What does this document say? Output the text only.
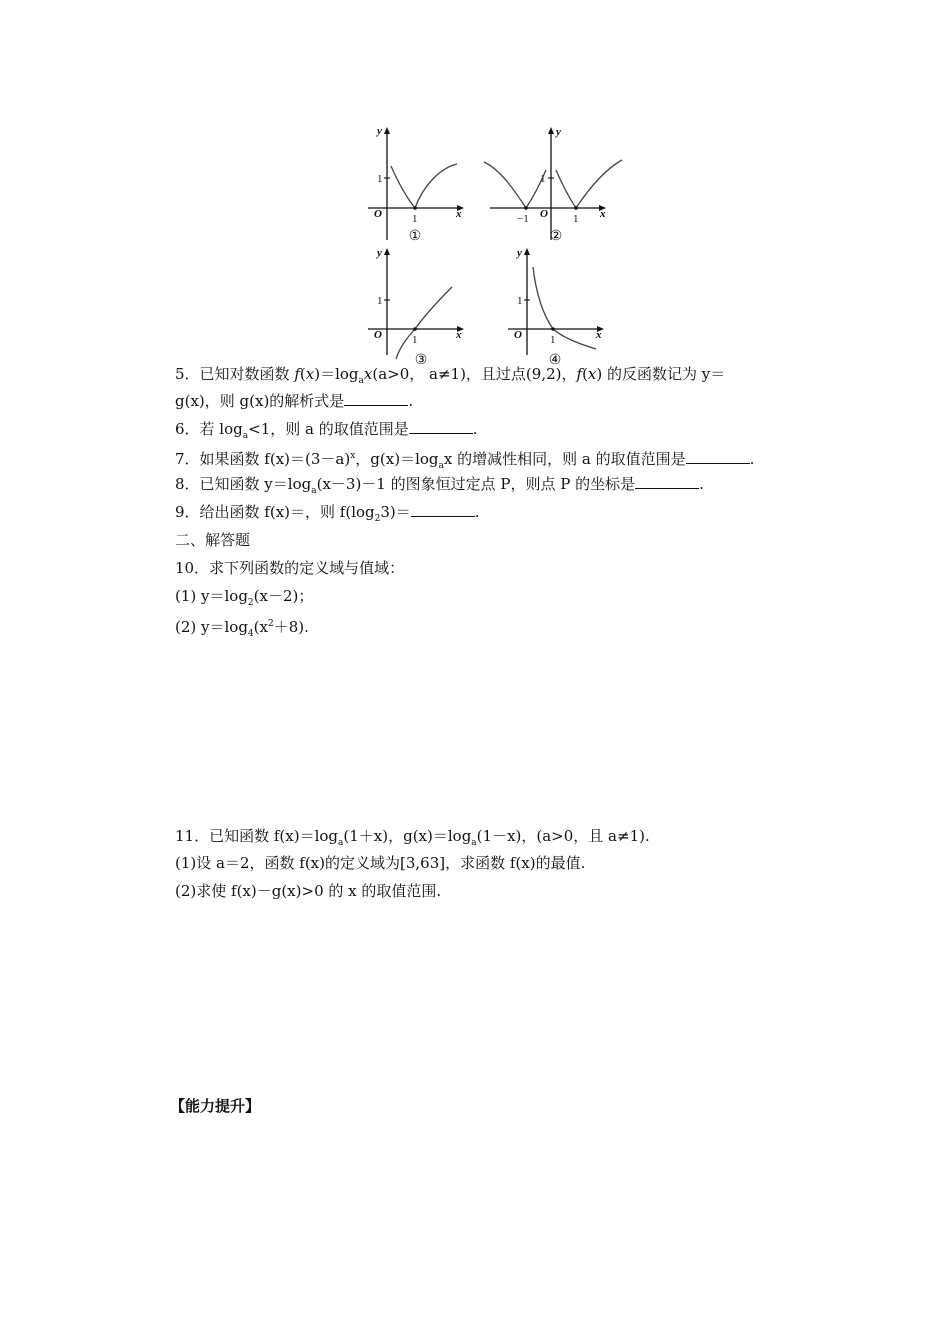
y
x
O
1
1
①
y
x
O
1
−1	1
②
y
x
O
1
1
③
y
x
O
1
1
④
5．已知对数函数 $f(x)=\log_ax(a>0$， a≠1)，且过点(9,2)，f(x) 的反函数记为 y＝
g(x)，则 g(x)的解析式是	.
6．若 $\log_a<1$，则 a 的取值范围是	.
7．如果函数 $f(x)=(3-a)^x$，$g(x)=\log_ax$ 的增减性相同，则 a 的取值范围是	.
8．已知函数 $y=\log_a(x-3)-1$ 的图象恒过定点 P，则点 P 的坐标是	.
9．给出函数 f(x)＝，则 $f(\log_23)=$	.
二、解答题
10．求下列函数的定义域与值域：
(1) $y=\log_2(x-2)$；
(2) $y=\log_4(x^2+8)$.
11．已知函数 $f(x)=\log_a(1+x)$，$g(x)=\log_a(1-x)$，(a>0，且 a≠1).
(1)设 a＝2，函数 f(x)的定义域为[3,63]，求函数 f(x)的最值.
(2)求使 f(x)－g(x)>0 的 x 的取值范围.
【能力提升】
